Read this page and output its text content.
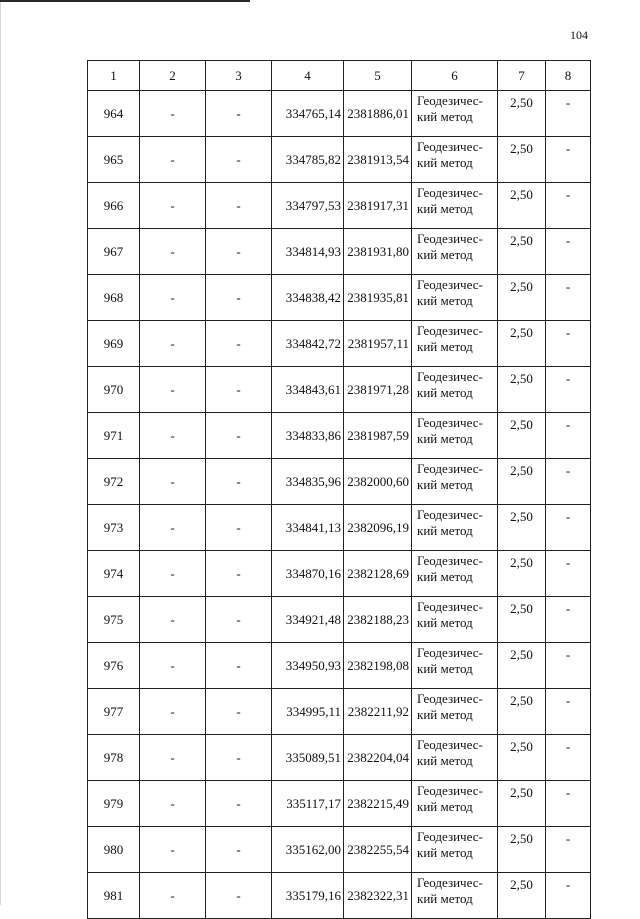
104
1	2	3	4	5	6	7	8
964	-	-	334765,14	2381886,01	Геодезичес-
кий метод	2,50	-
965	-	-	334785,82	2381913,54	Геодезичес-
кий метод	2,50	-
966	-	-	334797,53	2381917,31	Геодезичес-
кий метод	2,50	-
967	-	-	334814,93	2381931,80	Геодезичес-
кий метод	2,50	-
968	-	-	334838,42	2381935,81	Геодезичес-
кий метод	2,50	-
969	-	-	334842,72	2381957,11	Геодезичес-
кий метод	2,50	-
970	-	-	334843,61	2381971,28	Геодезичес-
кий метод	2,50	-
971	-	-	334833,86	2381987,59	Геодезичес-
кий метод	2,50	-
972	-	-	334835,96	2382000,60	Геодезичес-
кий метод	2,50	-
973	-	-	334841,13	2382096,19	Геодезичес-
кий метод	2,50	-
974	-	-	334870,16	2382128,69	Геодезичес-
кий метод	2,50	-
975	-	-	334921,48	2382188,23	Геодезичес-
кий метод	2,50	-
976	-	-	334950,93	2382198,08	Геодезичес-
кий метод	2,50	-
977	-	-	334995,11	2382211,92	Геодезичес-
кий метод	2,50	-
978	-	-	335089,51	2382204,04	Геодезичес-
кий метод	2,50	-
979	-	-	335117,17	2382215,49	Геодезичес-
кий метод	2,50	-
980	-	-	335162,00	2382255,54	Геодезичес-
кий метод	2,50	-
981	-	-	335179,16	2382322,31	Геодезичес-
кий метод	2,50	-
